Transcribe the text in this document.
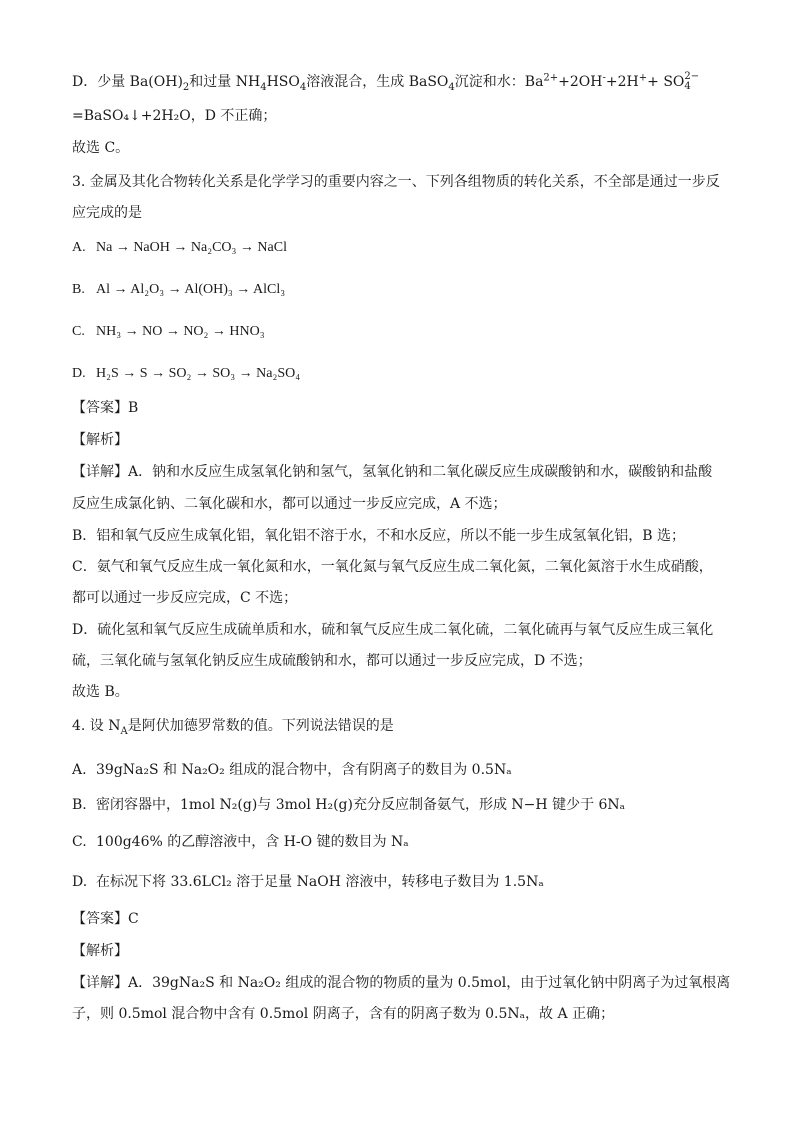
D．少量 $Ba(OH)_2$和过量 $NH_4HSO_4$溶液混合，生成 BaSO$_4$沉淀和水：$Ba^{2+}+2OH^-+2H^++$ SO 2−
4
=BaSO₄↓+2H₂O，D 不正确；
故选 C。
3. 金属及其化合物转化关系是化学学习的重要内容之一、下列各组物质的转化关系，不全部是通过一步反
应完成的是
A. Na → NaOH → Na₂CO₃ → NaCl
B. Al → Al₂O₃ → Al(OH)₃ → AlCl₃
C. NH₃ → NO → NO₂ → HNO₃
D. H₂S → S → SO₂ → SO₃ → Na₂SO₄
【答案】B
【解析】
【详解】A．钠和水反应生成氢氧化钠和氢气，氢氧化钠和二氧化碳反应生成碳酸钠和水，碳酸钠和盐酸
反应生成氯化钠、二氧化碳和水，都可以通过一步反应完成，A 不选；
B．铝和氧气反应生成氧化铝，氧化铝不溶于水，不和水反应，所以不能一步生成氢氧化铝，B 选；
C．氨气和氧气反应生成一氧化氮和水，一氧化氮与氧气反应生成二氧化氮，二氧化氮溶于水生成硝酸，
都可以通过一步反应完成，C 不选；
D．硫化氢和氧气反应生成硫单质和水，硫和氧气反应生成二氧化硫，二氧化硫再与氧气反应生成三氧化
硫，三氧化硫与氢氧化钠反应生成硫酸钠和水，都可以通过一步反应完成，D 不选；
故选 B。
4. 设 $N_A$是阿伏加德罗常数的值。下列说法错误的是
A. 39gNa₂S 和 Na₂O₂ 组成的混合物中，含有阴离子的数目为 0.5Nₐ
B. 密闭容器中，1mol N₂(g)与 3mol H₂(g)充分反应制备氨气，形成 N−H 键少于 6Nₐ
C. 100g46% 的乙醇溶液中，含 H-O 键的数目为 Nₐ
D. 在标况下将 33.6LCl₂ 溶于足量 NaOH 溶液中，转移电子数目为 1.5Nₐ
【答案】C
【解析】
【详解】A．39gNa₂S 和 Na₂O₂ 组成的混合物的物质的量为 0.5mol，由于过氧化钠中阴离子为过氧根离
子，则 0.5mol 混合物中含有 0.5mol 阴离子，含有的阴离子数为 0.5Nₐ，故 A 正确；
